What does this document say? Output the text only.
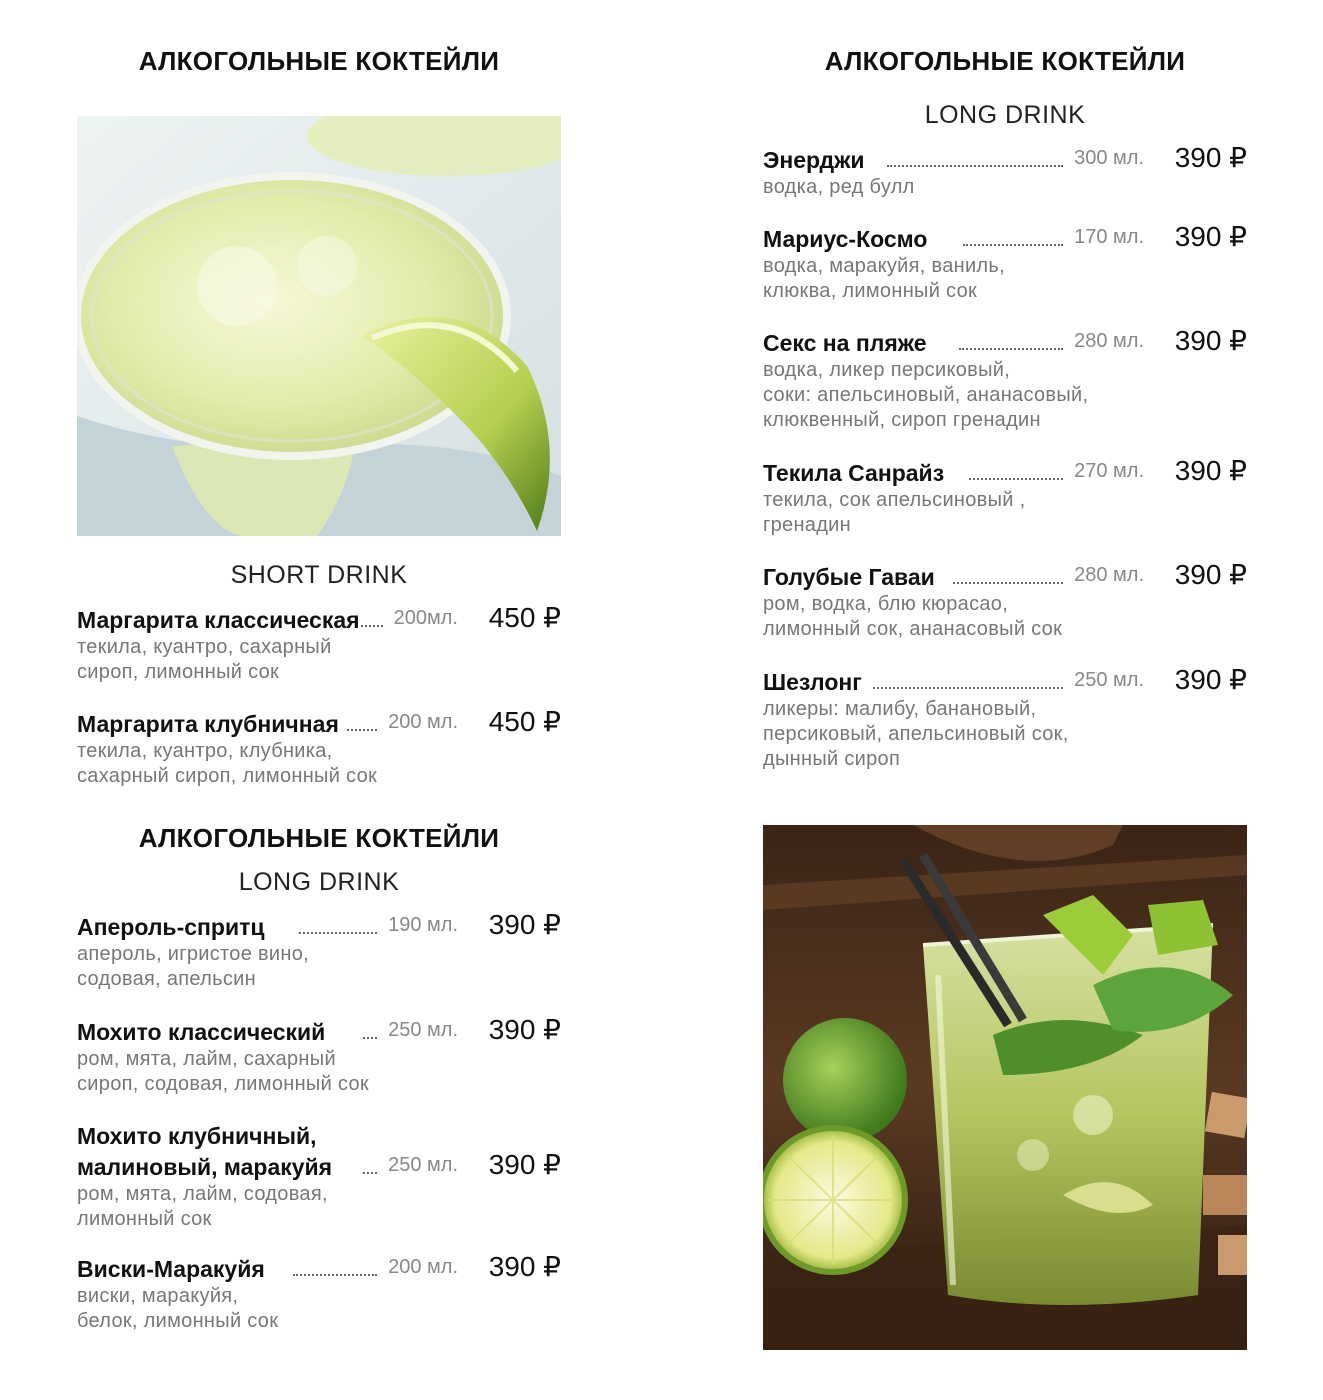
АЛКОГОЛЬНЫЕ КОКТЕЙЛИ
SHORT DRINK
Маргарита классическая 200мл. 450 ₽
текила, куантро, сахарный
сироп, лимонный сок
Маргарита клубничная 200 мл. 450 ₽
текила, куантро, клубника,
сахарный сироп, лимонный сок
АЛКОГОЛЬНЫЕ КОКТЕЙЛИ
LONG DRINK
Апероль-спритц	190 мл. 390 ₽
апероль, игристое вино,
содовая, апельсин
Мохито классический	250 мл. 390 ₽
ром, мята, лайм, сахарный
сироп, содовая, лимонный сок
Мохито клубничный,
малиновый, маракуйя	250 мл. 390 ₽
ром, мята, лайм, содовая,
лимонный сок
Виски-Маракуйя	200 мл. 390 ₽
виски, маракуйя,
белок, лимонный сок
АЛКОГОЛЬНЫЕ КОКТЕЙЛИ
LONG DRINK
Энерджи	300 мл. 390 ₽
водка, ред булл
Мариус-Космо	170 мл. 390 ₽
водка, маракуйя, ваниль,
клюква, лимонный сок
Секс на пляже	280 мл. 390 ₽
водка, ликер персиковый,
соки: апельсиновый, ананасовый,
клюквенный, сироп гренадин
Текила Санрайз	270 мл. 390 ₽
текила, сок апельсиновый ,
гренадин
Голубые Гаваи	280 мл. 390 ₽
ром, водка, блю кюрасао,
лимонный сок, ананасовый сок
Шезлонг	250 мл. 390 ₽
ликеры: малибу, банановый,
персиковый, апельсиновый сок,
дынный сироп
